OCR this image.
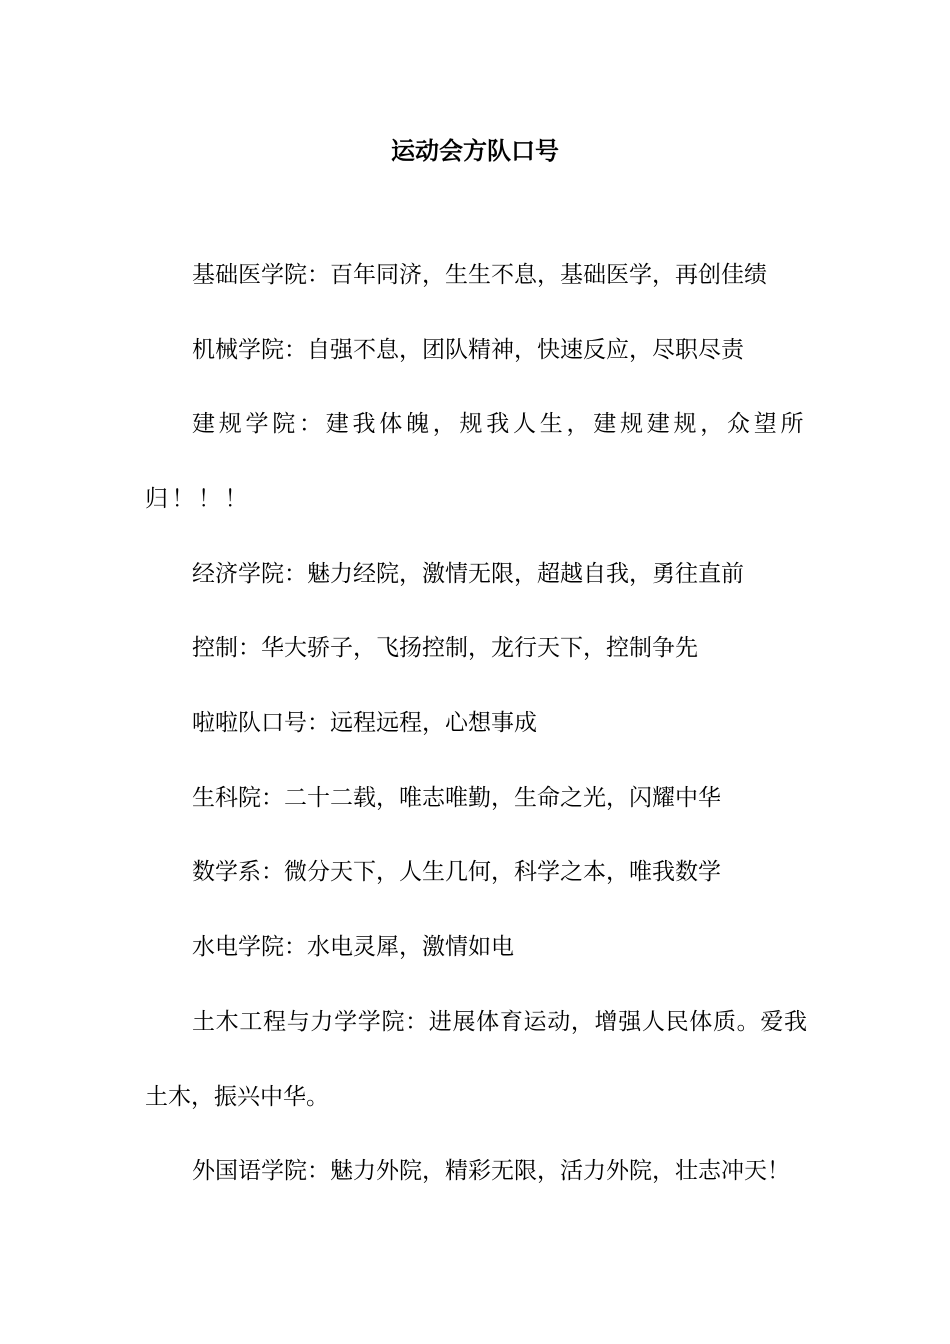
运动会方队口号

基础医学院：百年同济，生生不息，基础医学，再创佳绩

机械学院：自强不息，团队精神，快速反应，尽职尽责

建规学院：建我体魄，规我人生，建规建规，众望所归！！！

经济学院：魅力经院，激情无限，超越自我，勇往直前

控制：华大骄子，飞扬控制，龙行天下，控制争先

啦啦队口号：远程远程，心想事成

生科院：二十二载，唯志唯勤，生命之光，闪耀中华

数学系：微分天下，人生几何，科学之本，唯我数学

水电学院：水电灵犀，激情如电

土木工程与力学学院：进展体育运动，增强人民体质。爱我土木，振兴中华。

外国语学院：魅力外院，精彩无限，活力外院，壮志冲天！
